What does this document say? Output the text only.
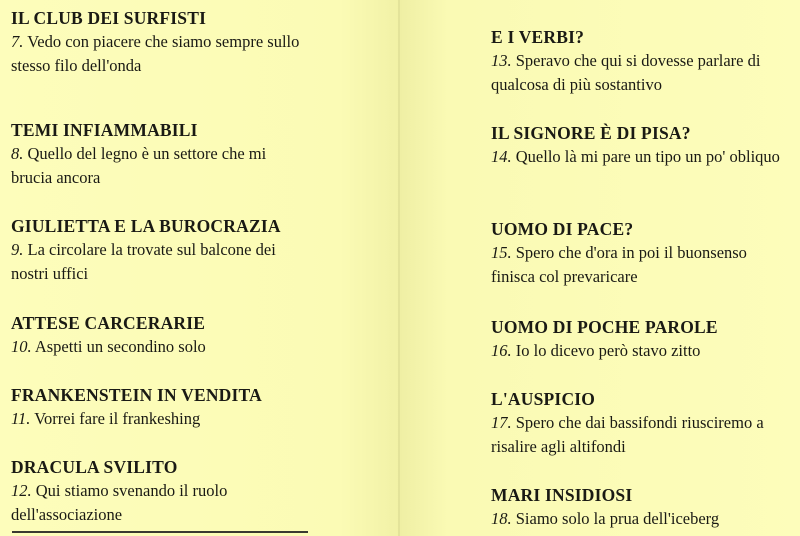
IL CLUB DEI SURFISTI
7. Vedo con piacere che siamo sempre sullo stesso filo dell'onda
TEMI INFIAMMABILI
8. Quello del legno è un settore che mi brucia ancora
GIULIETTA E LA BUROCRAZIA
9. La circolare la trovate sul balcone dei nostri uffici
ATTESE CARCERARIE
10. Aspetti un secondino solo
FRANKENSTEIN IN VENDITA
11. Vorrei fare il frankeshing
DRACULA SVILITO
12. Qui stiamo svenando il ruolo dell'associazione
E I VERBI?
13. Speravo che qui si dovesse parlare di qualcosa di più sostantivo
IL SIGNORE È DI PISA?
14. Quello là mi pare un tipo un po' obliquo
UOMO DI PACE?
15. Spero che d'ora in poi il buonsenso finisca col prevaricare
UOMO DI POCHE PAROLE
16. Io lo dicevo però stavo zitto
L'AUSPICIO
17. Spero che dai bassifondi riusciremo a risalire agli altifondi
MARI INSIDIOSI
18. Siamo solo la prua dell'iceberg
